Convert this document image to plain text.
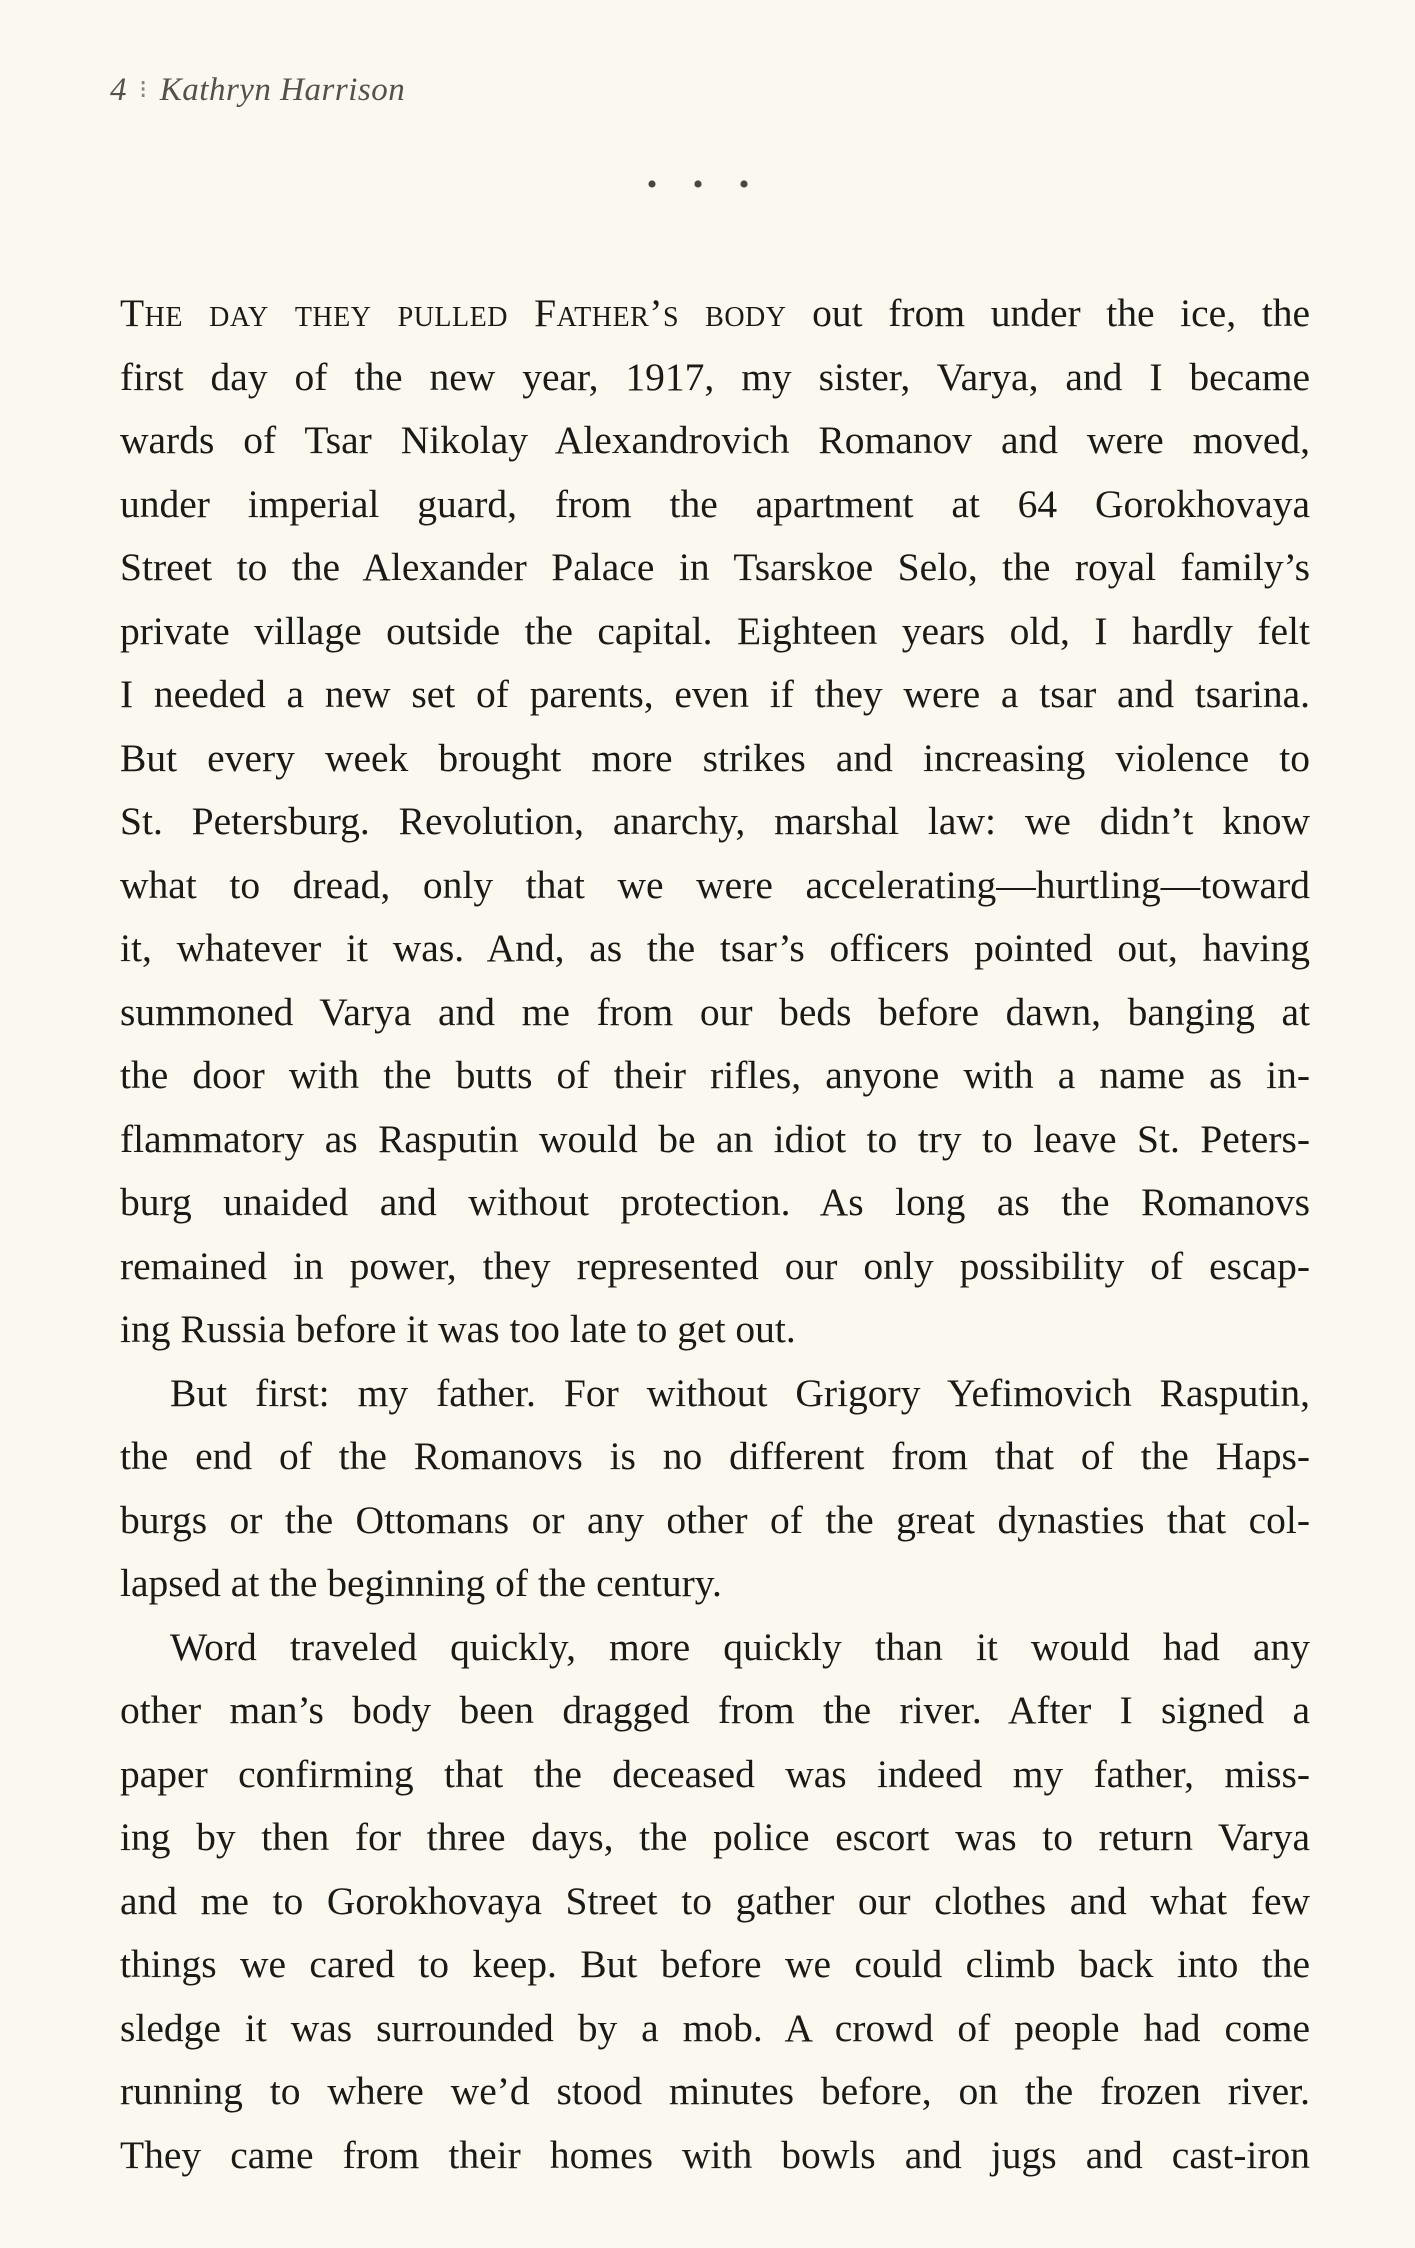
4 ⁝ Kathryn Harrison
• • •
The day they pulled Father’s body out from under the ice, the
first day of the new year, 1917, my sister, Varya, and I became
wards of Tsar Nikolay Alexandrovich Romanov and were moved,
under imperial guard, from the apartment at 64 Gorokhovaya
Street to the Alexander Palace in Tsarskoe Selo, the royal family’s
private village outside the capital. Eighteen years old, I hardly felt
I needed a new set of parents, even if they were a tsar and tsarina.
But every week brought more strikes and increasing violence to
St. Petersburg. Revolution, anarchy, marshal law: we didn’t know
what to dread, only that we were accelerating—hurtling—toward
it, whatever it was. And, as the tsar’s officers pointed out, having
summoned Varya and me from our beds before dawn, banging at
the door with the butts of their rifles, anyone with a name as in-
flammatory as Rasputin would be an idiot to try to leave St. Peters-
burg unaided and without protection. As long as the Romanovs
remained in power, they represented our only possibility of escap-
ing Russia before it was too late to get out.
But first: my father. For without Grigory Yefimovich Rasputin,
the end of the Romanovs is no different from that of the Haps-
burgs or the Ottomans or any other of the great dynasties that col-
lapsed at the beginning of the century.
Word traveled quickly, more quickly than it would had any
other man’s body been dragged from the river. After I signed a
paper confirming that the deceased was indeed my father, miss-
ing by then for three days, the police escort was to return Varya
and me to Gorokhovaya Street to gather our clothes and what few
things we cared to keep. But before we could climb back into the
sledge it was surrounded by a mob. A crowd of people had come
running to where we’d stood minutes before, on the frozen river.
They came from their homes with bowls and jugs and cast-iron
